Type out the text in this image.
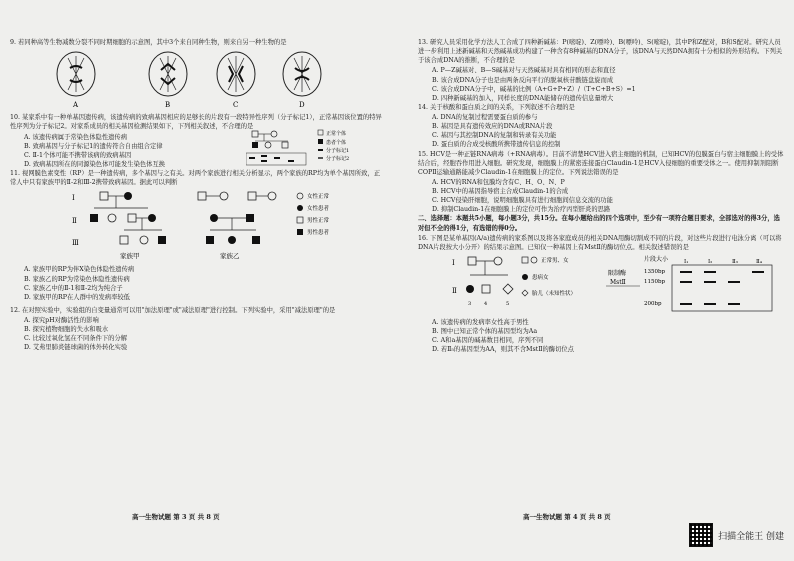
9. 若同种高等生物减数分裂不同时期细胞的示意图，其中3个来自同种生物，则来自另一种生物的是
A	B	C	D
10. 某家系中有一种单基因遗传病，该遗传病的致病基因相应的足够长的片段有一段特异性序列（分子标记1），正常基因该位置的特异性序列为分子标记2。对家系成员的相关基因检测结果如下，下列相关叙述，不合理的是
A. 该遗传病属于常染色体隐性遗传病
B. 致病基因与分子标记1的遗传符合自由组合定律
C. Ⅱ-1个体可能不携带该病的致病基因
D. 致病基因所在的同源染色体可能发生染色体互换
正常个体
患者个体
分子标记1
分子标记2
11. 视网膜色素变性（RP）是一种遗传病，多个基因与之有关。对两个家族进行相关分析显示，两个家族的RP均为单个基因所致，正常人中只有家族甲的Ⅱ-2和Ⅲ-2携带致病基因。据此可以判断
Ⅰ
Ⅱ
Ⅲ
女性正常
女性患者
男性正常
男性患者
家族甲	家族乙
A. 家族甲的RP为伴X染色体隐性遗传病
B. 家族乙的RP为常染色体隐性遗传病
C. 家族乙中的Ⅱ-1和Ⅱ-2均为纯合子
D. 家族甲的RP在人群中的发病率较低
12. 在对照实验中，实验组的自变量通常可以用"加法原理"或"减法原理"进行控制。下列实验中，采用"减法原理"的是
A. 探究pH对酶活性的影响
B. 探究植物细胞的失水和吸水
C. 比较过氧化氢在不同条件下的分解
D. 艾弗里肺炎链球菌的体外转化实验
高一生物试题 第 3 页 共 8 页
13. 研究人员采用化学方法人工合成了四种新碱基：P(嘧啶)、Z(嘌呤)、B(嘌呤)、S(嘧啶)，其中P和Z配对，B和S配对。研究人员进一步利用上述新碱基和天然碱基成功构建了一种含有8种碱基的DNA分子，该DNA与天然DNA拥有十分相似的外形结构。下列关于该合成DNA的推断，不合理的是
A. P—Z碱基对、B—S碱基对与天然碱基对具有相同的形态和直径
B. 该合成DNA分子也是由两条反向平行的脱氧核苷酸链盘旋而成
C. 该合成DNA分子中，碱基的比例（A+G+P+Z）/（T+C+B+S）=1
D. 四种新碱基的加入，同样长度的DNA能储存的遗传信息量增大
14. 关于核酸和蛋白质之间的关系，下列叙述不合理的是
A. DNA的复制过程需要蛋白质的参与
B. 基因是具有遗传效应的DNA或RNA片段
C. 基因与其控制DNA的复制和转录有关功能
D. 蛋白质的合成受核酸所携带遗传信息的控制
15. HCV是一种正链RNA病毒（+RNA病毒）。目前不清楚HCV进入宿主细胞的机制，已知HCV的包膜蛋白与宿主细胞膜上的受体结合后，经胞吞作用进入细胞。研究发现，细胞膜上的紧密连接蛋白Claudin-1是HCV入侵细胞的重要受体之一。使用抑制剂阻断COPⅡ运输通路能减少Claudin-1在细胞膜上的定位。下列说法错误的是
A. HCV的RNA和包膜均含有C、H、O、N、P
B. HCV中的基因指导宿主合成Claudin-1的合成
C. HCV侵染肝细胞，说明细胞膜具有进行细胞间信息交流的功能
D. 抑制Claudin-1在细胞膜上的定位可作为治疗丙型肝炎的思路
二、选择题：本题共5小题，每小题3分，共15分。在每小题给出的四个选项中，至少有一项符合题目要求，全部选对的得3分，选对但不全的得1分，有选错的得0分。
16. 下图是某单基因(A/a)遗传病的家系图以及将各家庭成员的相关DNA用酶切割成不同的片段，对这些片段进行电泳分离（可以将DNA片段按大小分开）的结果示意图。已知仅一种基因上有MstⅡ的酶切位点。相关叙述错误的是
Ⅰ
Ⅱ
3	4	5
正常男、女
患病女
胎儿（未知性状）
限制酶
MstⅡ
片段大小
1350bp
1150bp
200bp
Ⅰ₁	Ⅰ₂	Ⅱ₃	Ⅱ₄
A. 该遗传病的发病率女性高于男性
B. 图中已知正常个体的基因型均为Aa
C. A和a基因的碱基数目相同，序列不同
D. 若Ⅱ₅的基因型为AA，则其不含MstⅡ的酶切位点
高一生物试题 第 4 页 共 8 页
扫描全能王 创建
